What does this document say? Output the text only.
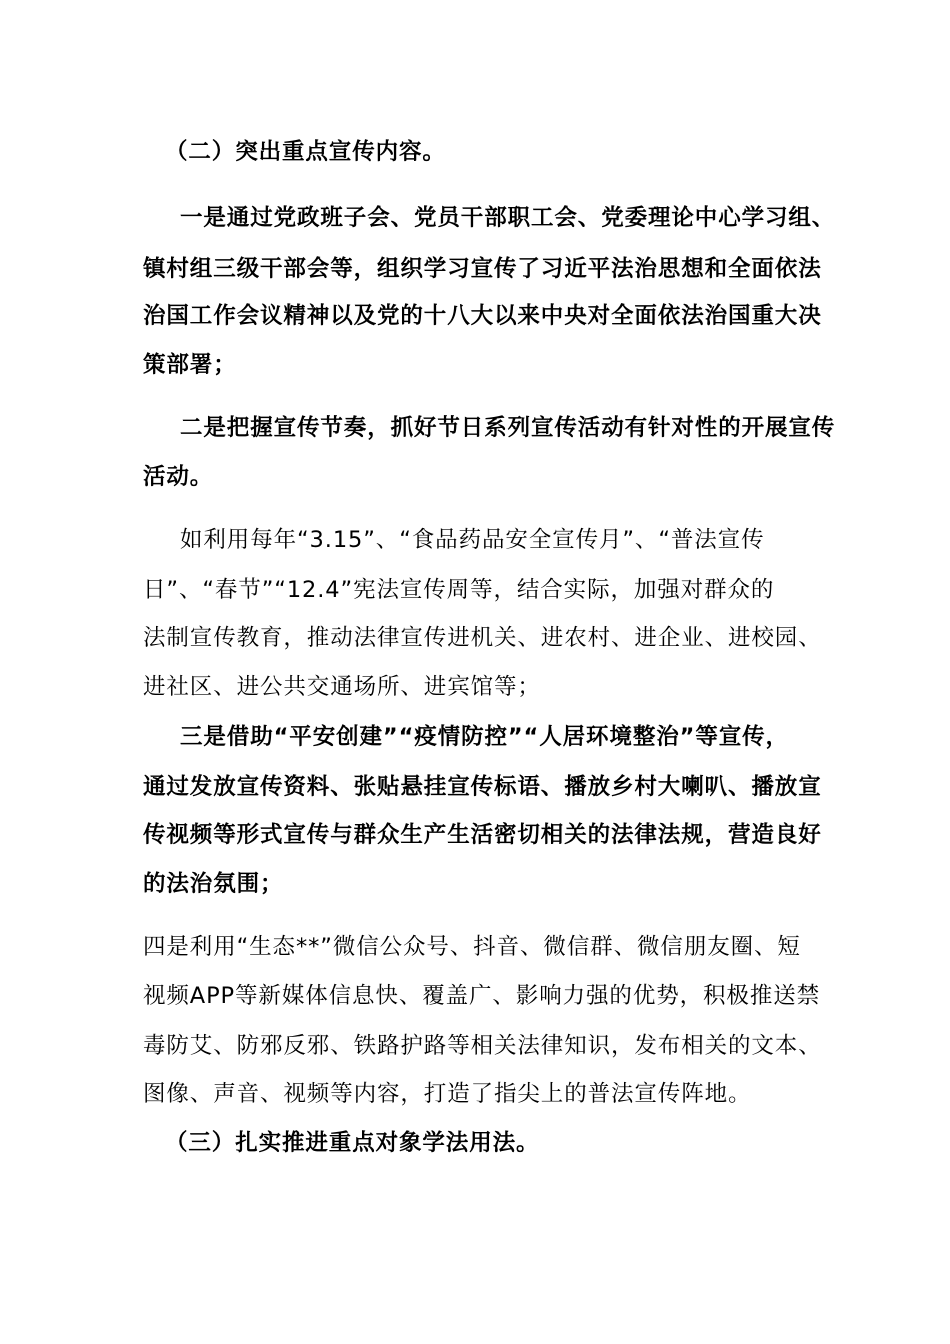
（二）突出重点宣传内容。
一是通过党政班子会、党员干部职工会、党委理论中心学习组、
镇村组三级干部会等，组织学习宣传了习近平法治思想和全面依法
治国工作会议精神以及党的十八大以来中央对全面依法治国重大决
策部署；
二是把握宣传节奏，抓好节日系列宣传活动有针对性的开展宣传
活动。
如利用每年“3.15”、“食品药品安全宣传月”、“普法宣传
日”、“春节”“12.4”宪法宣传周等，结合实际，加强对群众的
法制宣传教育，推动法律宣传进机关、进农村、进企业、进校园、
进社区、进公共交通场所、进宾馆等；
三是借助“平安创建”“疫情防控”“人居环境整治”等宣传，
通过发放宣传资料、张贴悬挂宣传标语、播放乡村大喇叭、播放宣
传视频等形式宣传与群众生产生活密切相关的法律法规，营造良好
的法治氛围；
四是利用“生态**”微信公众号、抖音、微信群、微信朋友圈、短
视频APP等新媒体信息快、覆盖广、影响力强的优势，积极推送禁
毒防艾、防邪反邪、铁路护路等相关法律知识，发布相关的文本、
图像、声音、视频等内容，打造了指尖上的普法宣传阵地。
（三）扎实推进重点对象学法用法。
